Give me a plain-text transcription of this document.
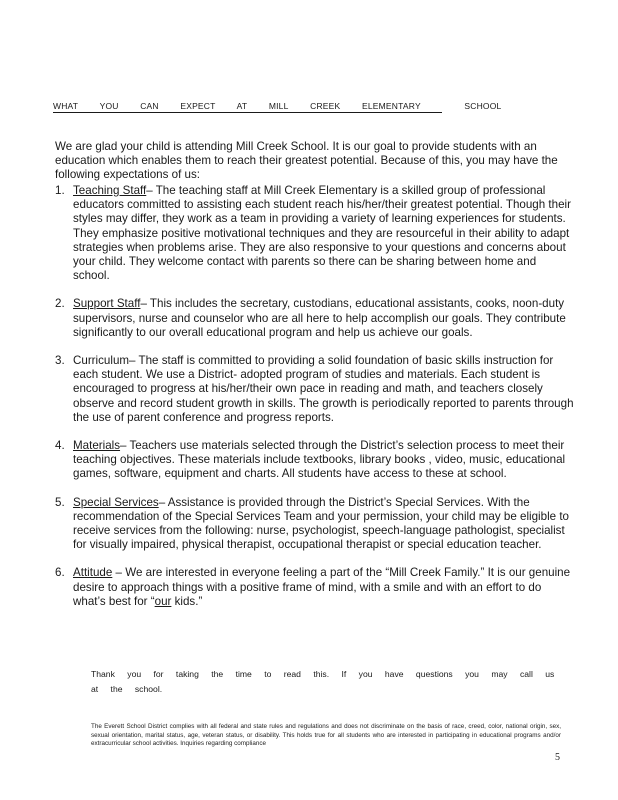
WHAT	YOU	CAN	EXPECT AT	MILL	CREEK	ELEMENTARY	SCHOOL

We are glad your child is attending Mill Creek School. It is our goal to provide students with an education which enables them to reach their greatest potential. Because of this, you may have the following expectations of us:

1. Teaching Staff– The teaching staff at Mill Creek Elementary is a skilled group of professional educators committed to assisting each student reach his/her/their greatest potential. Though their styles may differ, they work as a team in providing a variety of learning experiences for students. They emphasize positive motivational techniques and they are resourceful in their ability to adapt strategies when problems arise. They are also responsive to your questions and concerns about your child. They welcome contact with parents so there can be sharing between home and school.
2. Support Staff– This includes the secretary, custodians, educational assistants, cooks, noon-duty supervisors, nurse and counselor who are all here to help accomplish our goals. They contribute significantly to our overall educational program and help us achieve our goals.
3. Curriculum– The staff is committed to providing a solid foundation of basic skills instruction for each student. We use a District- adopted program of studies and materials. Each student is encouraged to progress at his/her/their own pace in reading and math, and teachers closely observe and record student growth in skills. The growth is periodically reported to parents through the use of parent conference and progress reports.
4. Materials– Teachers use materials selected through the District’s selection process to meet their teaching objectives. These materials include textbooks, library books , video, music, educational games, software, equipment and charts. All students have access to these at school.
5. Special Services– Assistance is provided through the District’s Special Services. With the recommendation of the Special Services Team and your permission, your child may be eligible to receive services from the following: nurse, psychologist, speech-language pathologist, specialist for visually impaired, physical therapist, occupational therapist or special education teacher.
6. Attitude – We are interested in everyone feeling a part of the “Mill Creek Family.” It is our genuine desire to approach things with a positive frame of mind, with a smile and with an effort to do what’s best for “our kids.”

Thank you for taking the time to read this. If you have questions you may call us at the school.

The Everett School District complies with all federal and state rules and regulations and does not discriminate on the basis of race, creed, color, national origin, sex, sexual orientation, marital status, age, veteran status, or disability. This holds true for all students who are interested in participating in educational programs and/or extracurricular school activities. Inquiries regarding compliance

5
